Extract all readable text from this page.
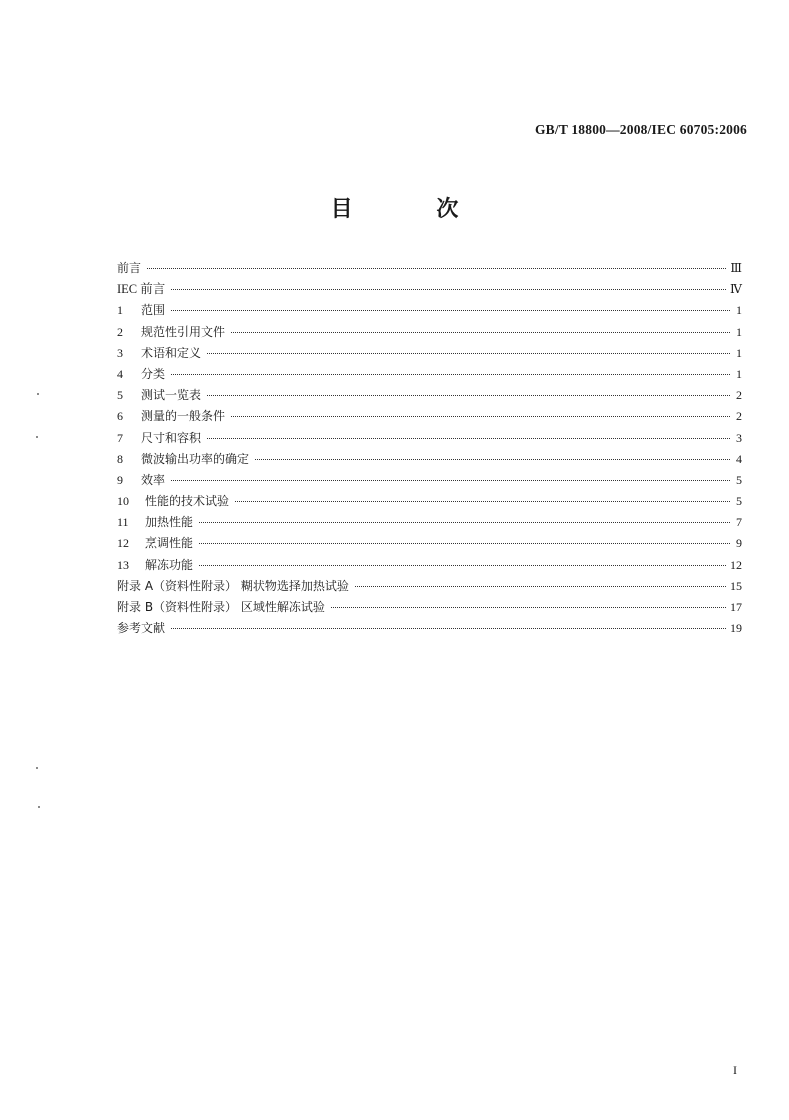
GB/T 18800—2008/IEC 60705:2006
目 次
前言	Ⅲ
IEC 前言	Ⅳ
1	范围	1
2	规范性引用文件	1
3	术语和定义	1
4	分类	1
5	测试一览表	2
6	测量的一般条件	2
7	尺寸和容积	3
8	微波输出功率的确定	4
9	效率	5
10	性能的技术试验	5
11	加热性能	7
12	烹调性能	9
13	解冻功能	12
附录 A（资料性附录） 糊状物选择加热试验	15
附录 B（资料性附录） 区域性解冻试验	17
参考文献	19
I
